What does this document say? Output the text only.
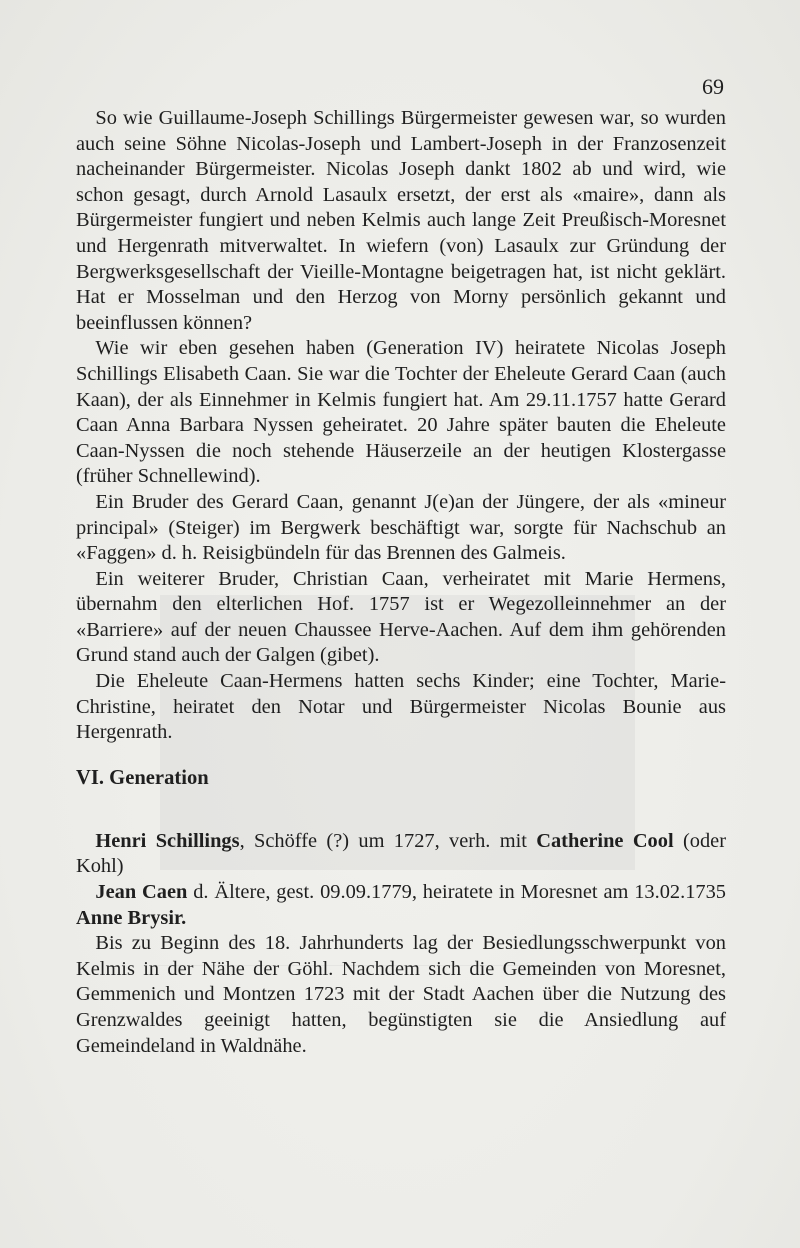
69

So wie Guillaume-Joseph Schillings Bürgermeister gewesen war, so wurden auch seine Söhne Nicolas-Joseph und Lambert-Joseph in der Franzosenzeit nacheinander Bürgermeister. Nicolas Joseph dankt 1802 ab und wird, wie schon gesagt, durch Arnold Lasaulx ersetzt, der erst als «maire», dann als Bürgermeister fungiert und neben Kelmis auch lange Zeit Preußisch-Moresnet und Hergenrath mitverwaltet. In wiefern (von) Lasaulx zur Gründung der Bergwerksgesellschaft der Vieille-Montagne beigetragen hat, ist nicht geklärt. Hat er Mosselman und den Herzog von Morny persönlich gekannt und beeinflussen können?

Wie wir eben gesehen haben (Generation IV) heiratete Nicolas Joseph Schillings Elisabeth Caan. Sie war die Tochter der Eheleute Gerard Caan (auch Kaan), der als Einnehmer in Kelmis fungiert hat. Am 29.11.1757 hatte Gerard Caan Anna Barbara Nyssen geheiratet. 20 Jahre später bauten die Eheleute Caan-Nyssen die noch stehende Häuserzeile an der heutigen Klostergasse (früher Schnellewind).

Ein Bruder des Gerard Caan, genannt J(e)an der Jüngere, der als «mineur principal» (Steiger) im Bergwerk beschäftigt war, sorgte für Nachschub an «Faggen» d. h. Reisigbündeln für das Brennen des Galmeis.

Ein weiterer Bruder, Christian Caan, verheiratet mit Marie Hermens, übernahm den elterlichen Hof. 1757 ist er Wegezolleinnehmer an der «Barriere» auf der neuen Chaussee Herve-Aachen. Auf dem ihm gehörenden Grund stand auch der Galgen (gibet).

Die Eheleute Caan-Hermens hatten sechs Kinder; eine Tochter, Marie-Christine, heiratet den Notar und Bürgermeister Nicolas Bounie aus Hergenrath.

VI. Generation

Henri Schillings, Schöffe (?) um 1727, verh. mit Catherine Cool (oder Kohl)

Jean Caen d. Ältere, gest. 09.09.1779, heiratete in Moresnet am 13.02.1735 Anne Brysir.

Bis zu Beginn des 18. Jahrhunderts lag der Besiedlungsschwerpunkt von Kelmis in der Nähe der Göhl. Nachdem sich die Gemeinden von Moresnet, Gemmenich und Montzen 1723 mit der Stadt Aachen über die Nutzung des Grenzwaldes geeinigt hatten, begünstigten sie die Ansiedlung auf Gemeindeland in Waldnähe.
